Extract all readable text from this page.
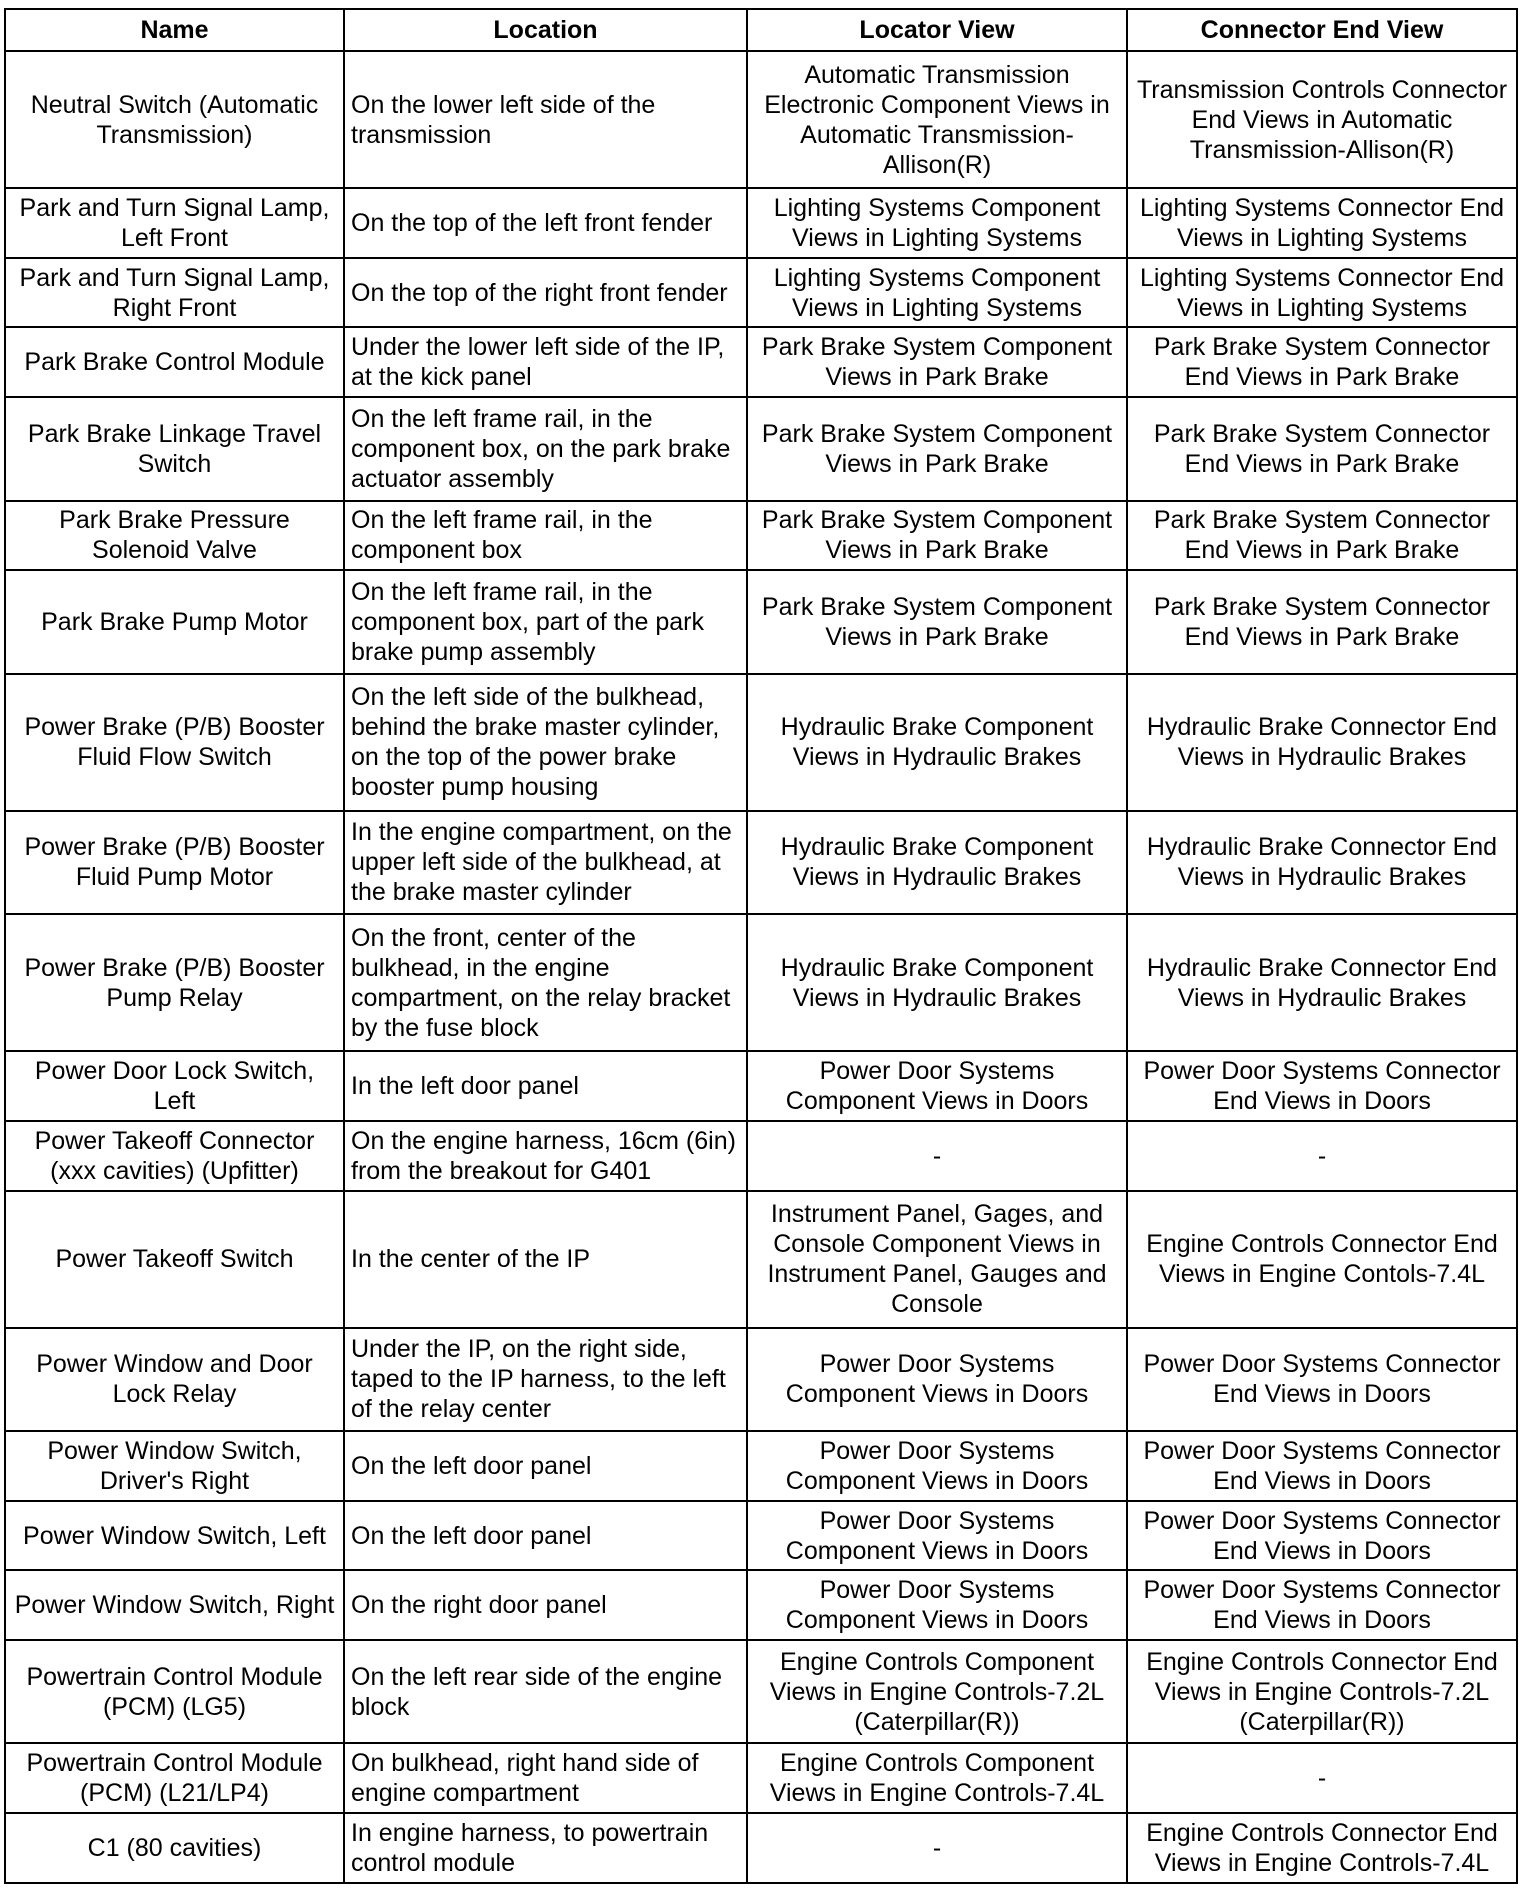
Name	Location	Locator View	Connector End View
Neutral Switch (Automatic Transmission)	On the lower left side of the transmission	Automatic Transmission Electronic Component Views in Automatic Transmission-Allison(R)	Transmission Controls Connector End Views in Automatic Transmission-Allison(R)
Park and Turn Signal Lamp, Left Front	On the top of the left front fender	Lighting Systems Component Views in Lighting Systems	Lighting Systems Connector End Views in Lighting Systems
Park and Turn Signal Lamp, Right Front	On the top of the right front fender	Lighting Systems Component Views in Lighting Systems	Lighting Systems Connector End Views in Lighting Systems
Park Brake Control Module	Under the lower left side of the IP, at the kick panel	Park Brake System Component Views in Park Brake	Park Brake System Connector End Views in Park Brake
Park Brake Linkage Travel Switch	On the left frame rail, in the component box, on the park brake actuator assembly	Park Brake System Component Views in Park Brake	Park Brake System Connector End Views in Park Brake
Park Brake Pressure Solenoid Valve	On the left frame rail, in the component box	Park Brake System Component Views in Park Brake	Park Brake System Connector End Views in Park Brake
Park Brake Pump Motor	On the left frame rail, in the component box, part of the park brake pump assembly	Park Brake System Component Views in Park Brake	Park Brake System Connector End Views in Park Brake
Power Brake (P/B) Booster Fluid Flow Switch	On the left side of the bulkhead, behind the brake master cylinder, on the top of the power brake booster pump housing	Hydraulic Brake Component Views in Hydraulic Brakes	Hydraulic Brake Connector End Views in Hydraulic Brakes
Power Brake (P/B) Booster Fluid Pump Motor	In the engine compartment, on the upper left side of the bulkhead, at the brake master cylinder	Hydraulic Brake Component Views in Hydraulic Brakes	Hydraulic Brake Connector End Views in Hydraulic Brakes
Power Brake (P/B) Booster Pump Relay	On the front, center of the bulkhead, in the engine compartment, on the relay bracket by the fuse block	Hydraulic Brake Component Views in Hydraulic Brakes	Hydraulic Brake Connector End Views in Hydraulic Brakes
Power Door Lock Switch, Left	In the left door panel	Power Door Systems Component Views in Doors	Power Door Systems Connector End Views in Doors
Power Takeoff Connector (xxx cavities) (Upfitter)	On the engine harness, 16cm (6in) from the breakout for G401	-	-
Power Takeoff Switch	In the center of the IP	Instrument Panel, Gages, and Console Component Views in Instrument Panel, Gauges and Console	Engine Controls Connector End Views in Engine Contols-7.4L
Power Window and Door Lock Relay	Under the IP, on the right side, taped to the IP harness, to the left of the relay center	Power Door Systems Component Views in Doors	Power Door Systems Connector End Views in Doors
Power Window Switch, Driver's Right	On the left door panel	Power Door Systems Component Views in Doors	Power Door Systems Connector End Views in Doors
Power Window Switch, Left	On the left door panel	Power Door Systems Component Views in Doors	Power Door Systems Connector End Views in Doors
Power Window Switch, Right	On the right door panel	Power Door Systems Component Views in Doors	Power Door Systems Connector End Views in Doors
Powertrain Control Module (PCM) (LG5)	On the left rear side of the engine block	Engine Controls Component Views in Engine Controls-7.2L (Caterpillar(R))	Engine Controls Connector End Views in Engine Controls-7.2L (Caterpillar(R))
Powertrain Control Module (PCM) (L21/LP4)	On bulkhead, right hand side of engine compartment	Engine Controls Component Views in Engine Controls-7.4L	-
C1 (80 cavities)	In engine harness, to powertrain control module	-	Engine Controls Connector End Views in Engine Controls-7.4L
